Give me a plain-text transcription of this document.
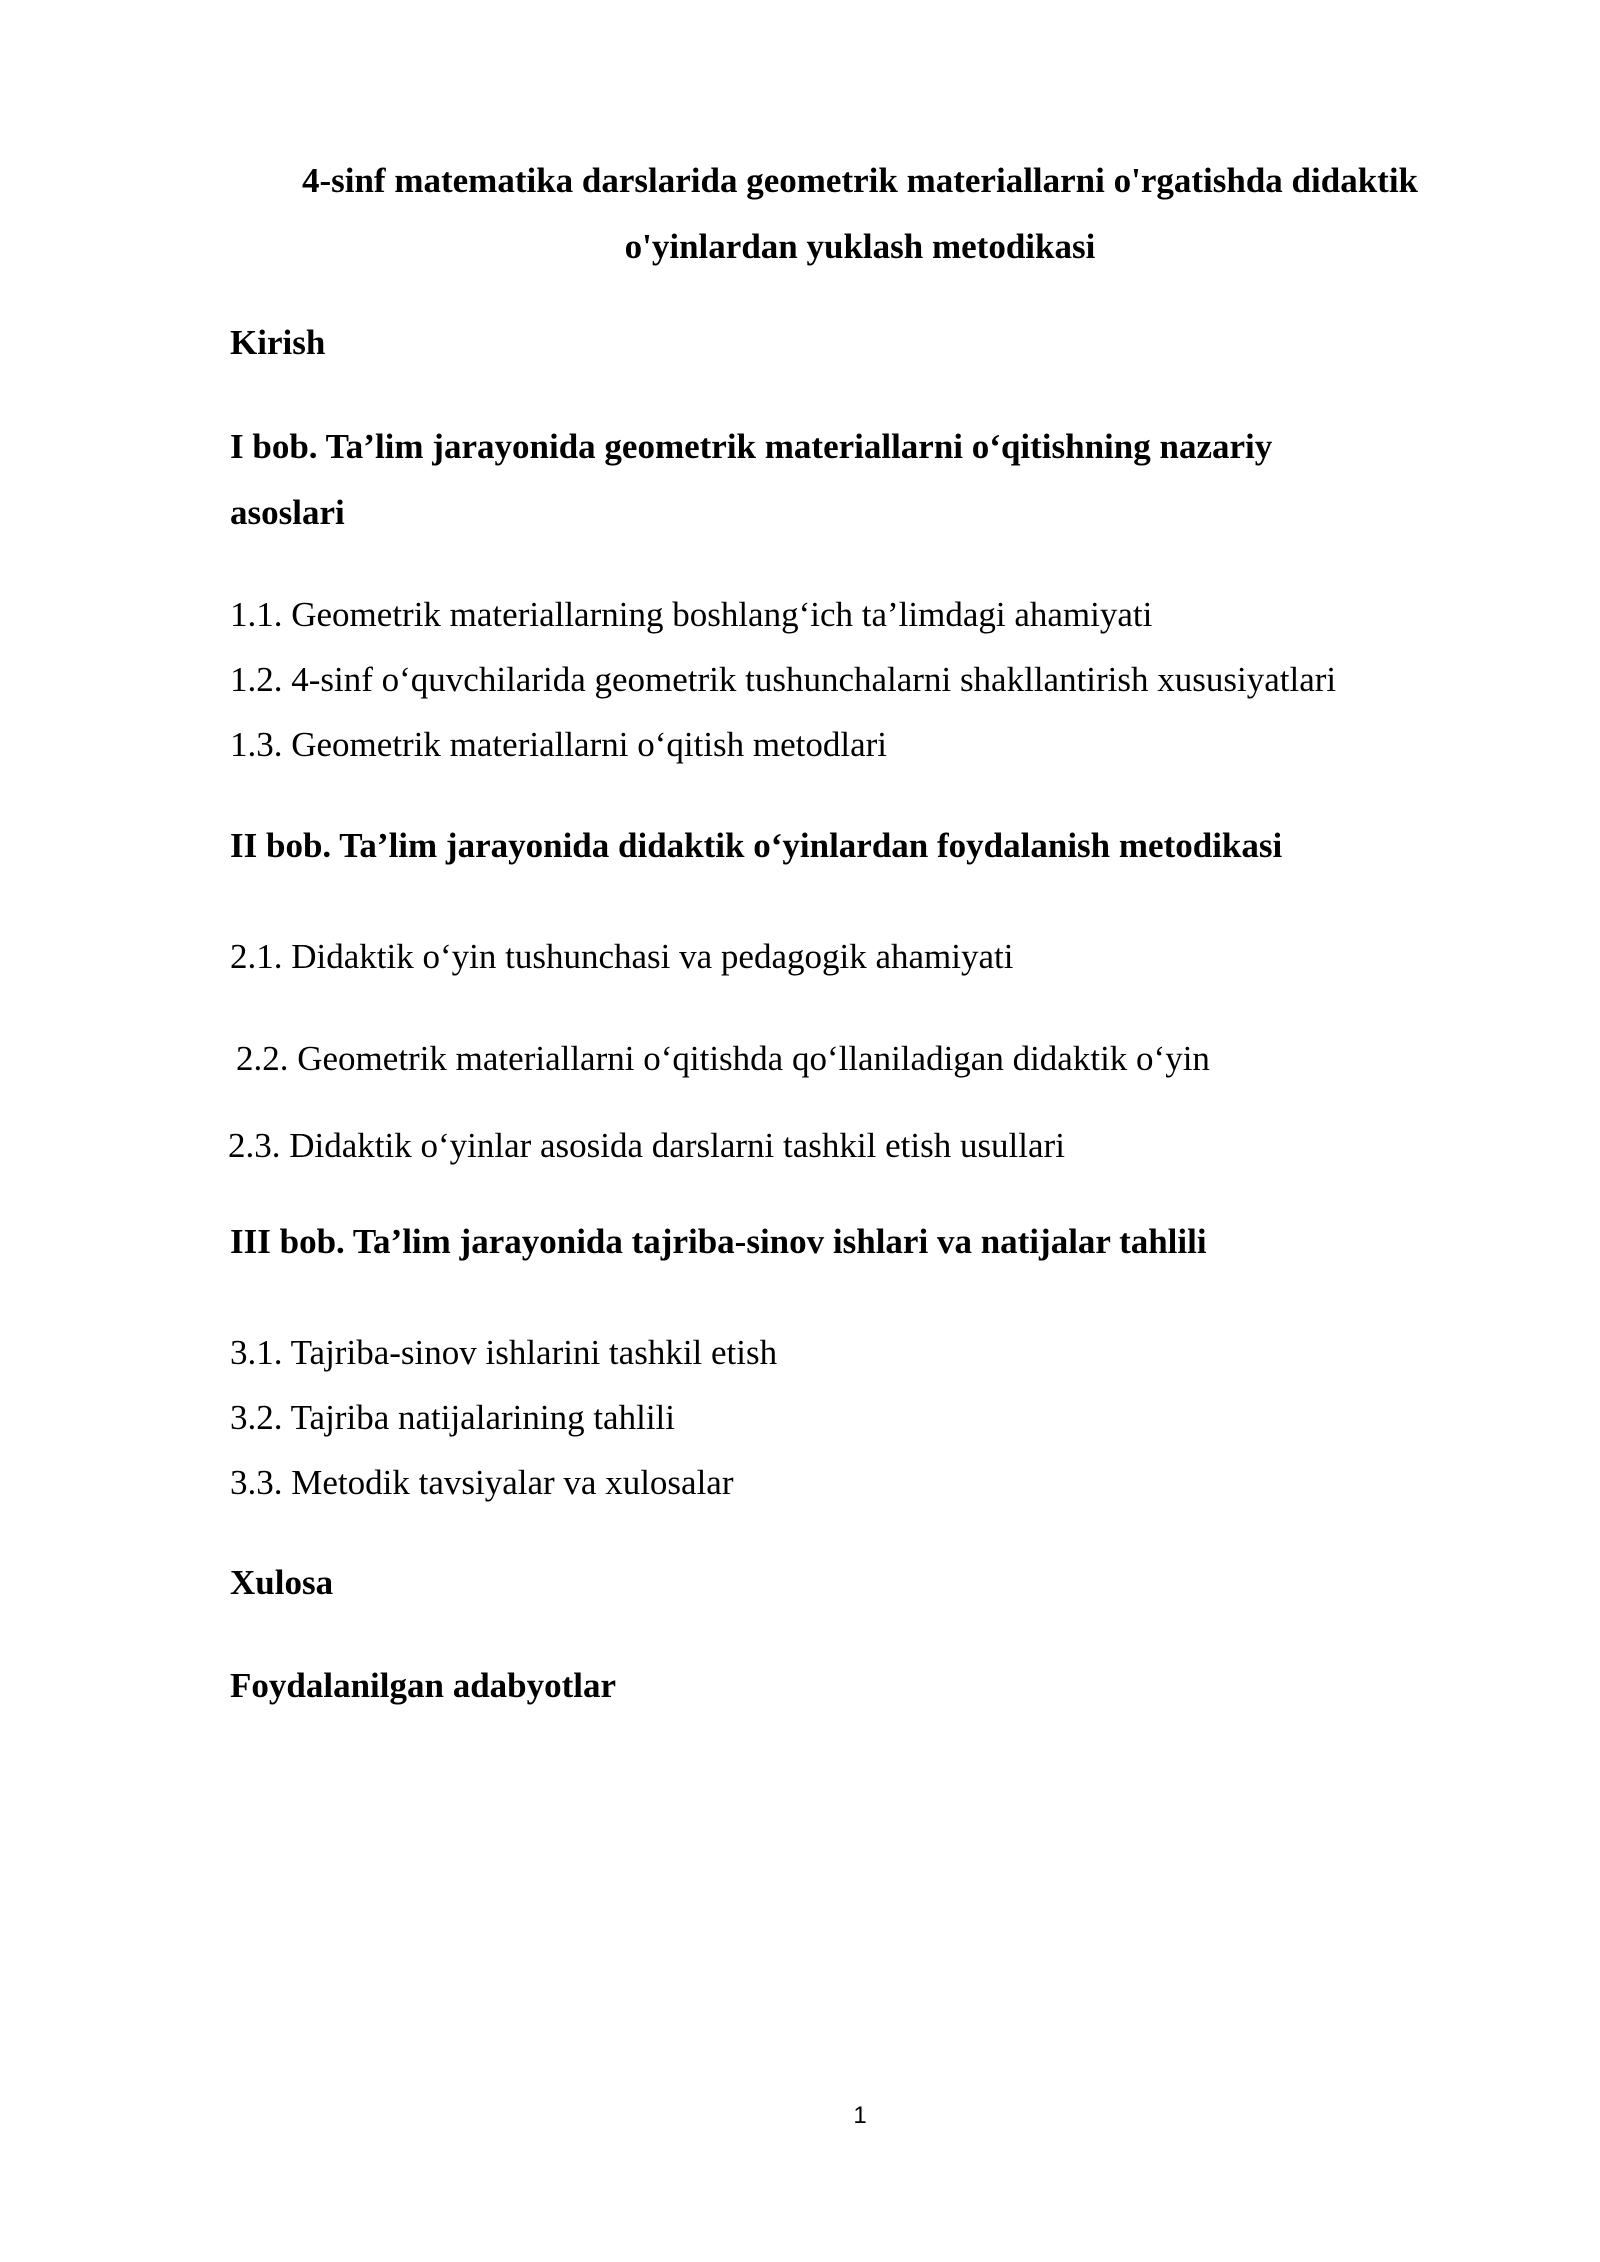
4-sinf matematika darslarida geometrik materiallarni o'rgatishda didaktik
o'yinlardan yuklash metodikasi
Kirish
I bob. Ta’lim jarayonida geometrik materiallarni o‘qitishning nazariy
asoslari
1.1. Geometrik materiallarning boshlang‘ich ta’limdagi ahamiyati
1.2. 4-sinf o‘quvchilarida geometrik tushunchalarni shakllantirish xususiyatlari
1.3. Geometrik materiallarni o‘qitish metodlari
II bob. Ta’lim jarayonida didaktik o‘yinlardan foydalanish metodikasi
2.1. Didaktik o‘yin tushunchasi va pedagogik ahamiyati
2.2. Geometrik materiallarni o‘qitishda qo‘llaniladigan didaktik o‘yin
2.3. Didaktik o‘yinlar asosida darslarni tashkil etish usullari
III bob. Ta’lim jarayonida tajriba-sinov ishlari va natijalar tahlili
3.1. Tajriba-sinov ishlarini tashkil etish
3.2. Tajriba natijalarining tahlili
3.3. Metodik tavsiyalar va xulosalar
Xulosa
Foydalanilgan adabyotlar
1
